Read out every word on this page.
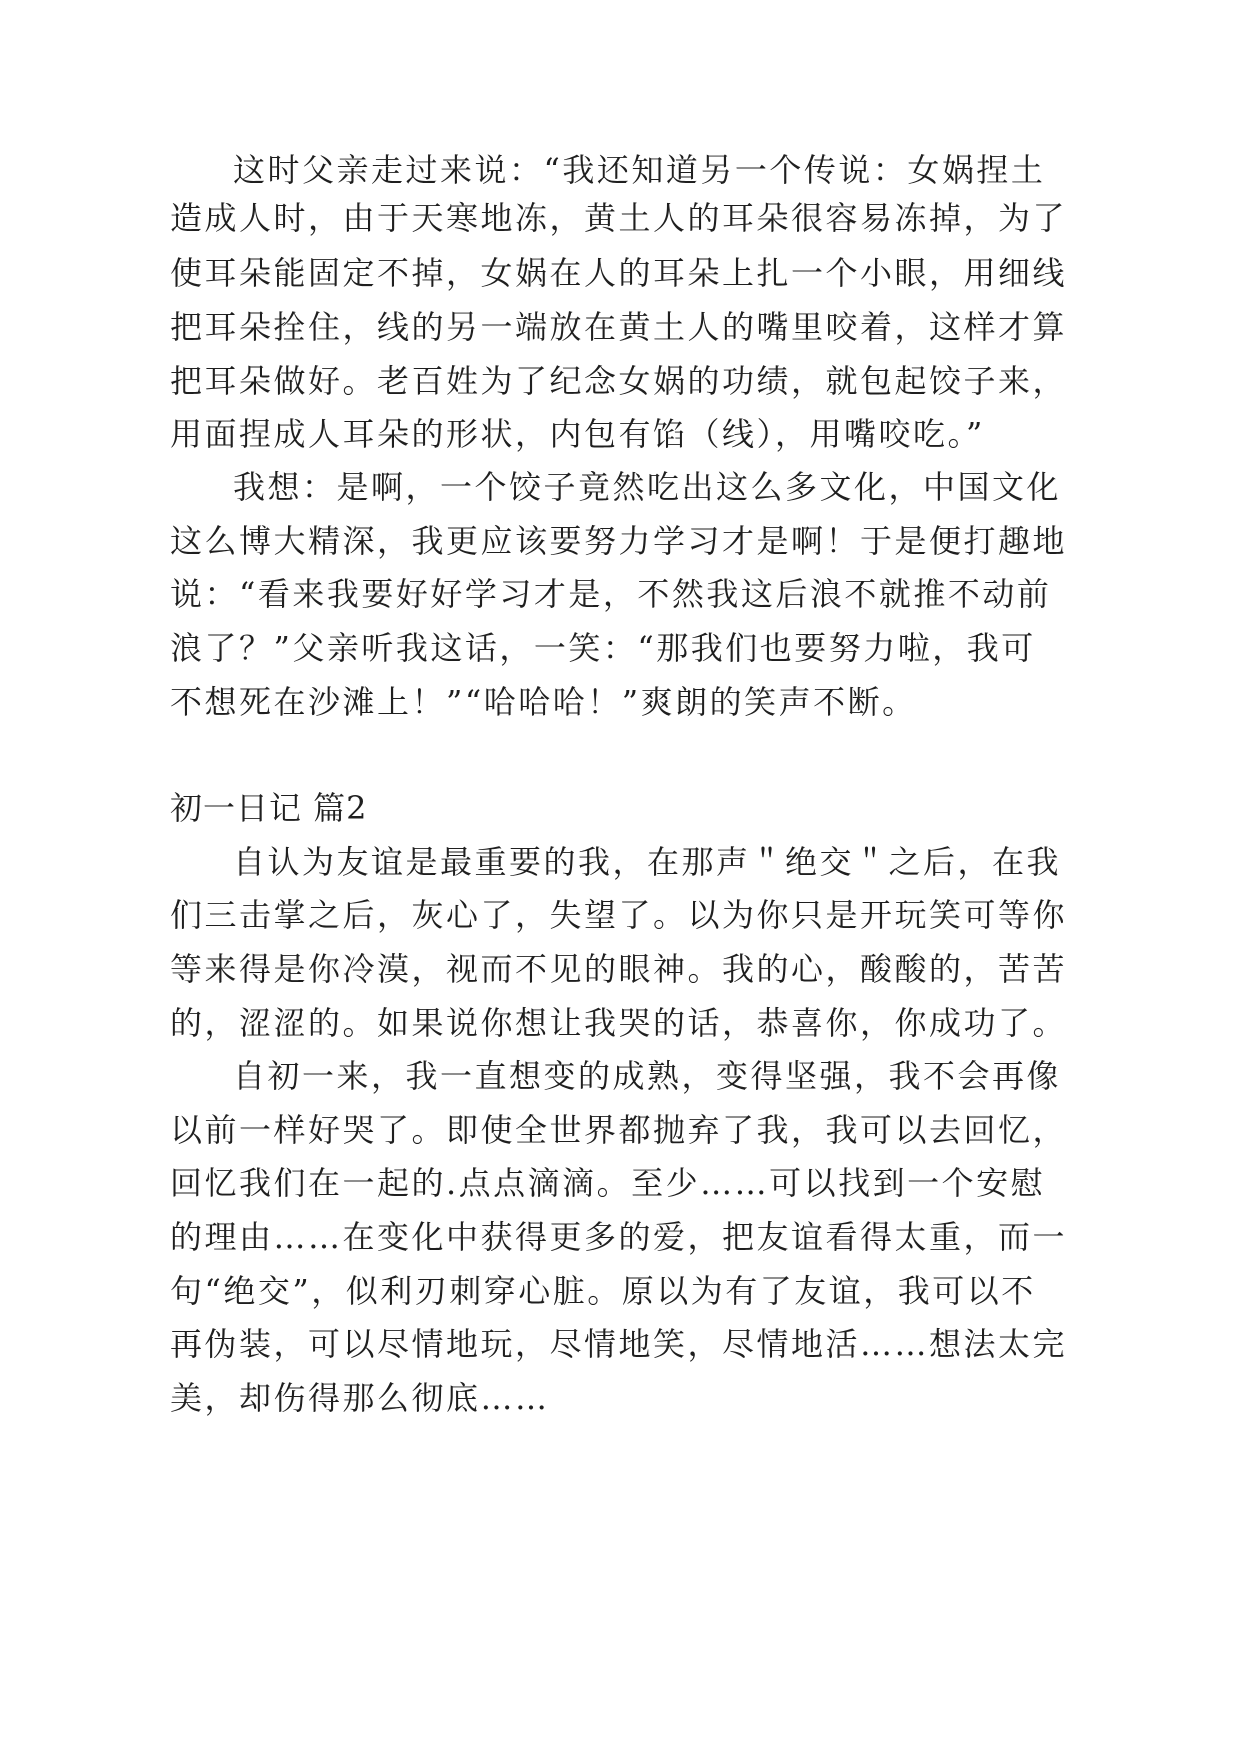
这时父亲走过来说：“我还知道另一个传说：女娲捏土

造成人时，由于天寒地冻，黄土人的耳朵很容易冻掉，为了

使耳朵能固定不掉，女娲在人的耳朵上扎一个小眼，用细线

把耳朵拴住，线的另一端放在黄土人的嘴里咬着，这样才算

把耳朵做好。老百姓为了纪念女娲的功绩，就包起饺子来，

用面捏成人耳朵的形状，内包有馅（线），用嘴咬吃。”

我想：是啊，一个饺子竟然吃出这么多文化，中国文化

这么博大精深，我更应该要努力学习才是啊！于是便打趣地

说：“看来我要好好学习才是，不然我这后浪不就推不动前

浪了？”父亲听我这话，一笑：“那我们也要努力啦，我可

不想死在沙滩上！”“哈哈哈！”爽朗的笑声不断。

初一日记 篇2

自认为友谊是最重要的我，在那声＂绝交＂之后，在我

们三击掌之后，灰心了，失望了。以为你只是开玩笑可等你

等来得是你冷漠，视而不见的眼神。我的心，酸酸的，苦苦

的，涩涩的。如果说你想让我哭的话，恭喜你，你成功了。

自初一来，我一直想变的成熟，变得坚强，我不会再像

以前一样好哭了。即使全世界都抛弃了我，我可以去回忆，

回忆我们在一起的.点点滴滴。至少……可以找到一个安慰

的理由……在变化中获得更多的爱，把友谊看得太重，而一

句“绝交”，似利刃刺穿心脏。原以为有了友谊，我可以不

再伪装，可以尽情地玩，尽情地笑，尽情地活……想法太完

美，却伤得那么彻底……
